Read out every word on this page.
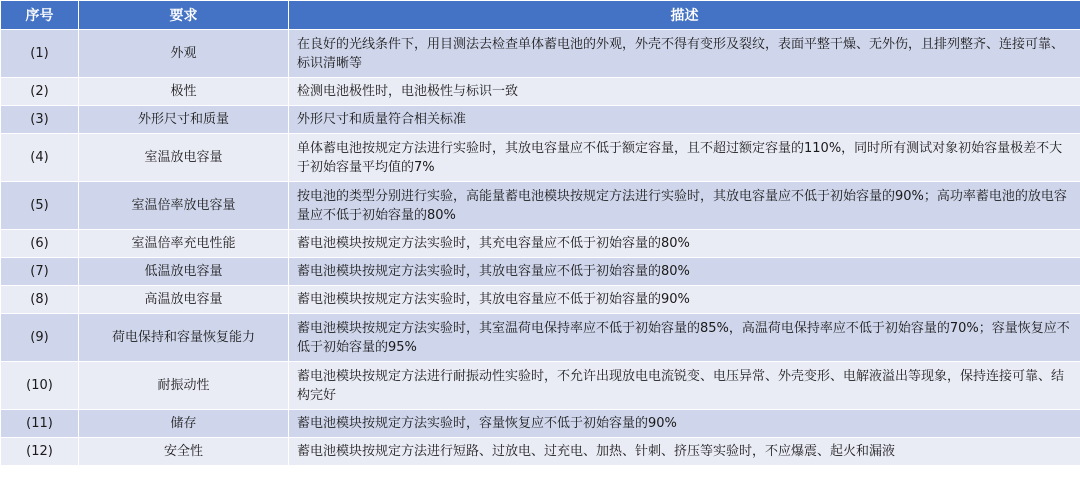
序号	要求	描述
(1)	外观	在良好的光线条件下，用目测法去检查单体蓄电池的外观，外壳不得有变形及裂纹，表面平整干燥、无外伤，且排列整齐、连接可靠、标识清晰等
(2)	极性	检测电池极性时，电池极性与标识一致
(3)	外形尺寸和质量	外形尺寸和质量符合相关标准
(4)	室温放电容量	单体蓄电池按规定方法进行实验时，其放电容量应不低于额定容量，且不超过额定容量的110%，同时所有测试对象初始容量极差不大于初始容量平均值的7%
(5)	室温倍率放电容量	按电池的类型分别进行实验，高能量蓄电池模块按规定方法进行实验时，其放电容量应不低于初始容量的90%；高功率蓄电池的放电容量应不低于初始容量的80%
(6)	室温倍率充电性能	蓄电池模块按规定方法实验时，其充电容量应不低于初始容量的80%
(7)	低温放电容量	蓄电池模块按规定方法实验时，其放电容量应不低于初始容量的80%
(8)	高温放电容量	蓄电池模块按规定方法实验时，其放电容量应不低于初始容量的90%
(9)	荷电保持和容量恢复能力	蓄电池模块按规定方法实验时，其室温荷电保持率应不低于初始容量的85%，高温荷电保持率应不低于初始容量的70%；容量恢复应不低于初始容量的95%
(10)	耐振动性	蓄电池模块按规定方法进行耐振动性实验时，不允许出现放电电流锐变、电压异常、外壳变形、电解液溢出等现象，保持连接可靠、结构完好
(11)	储存	蓄电池模块按规定方法实验时，容量恢复应不低于初始容量的90%
(12)	安全性	蓄电池模块按规定方法进行短路、过放电、过充电、加热、针刺、挤压等实验时，不应爆震、起火和漏液
